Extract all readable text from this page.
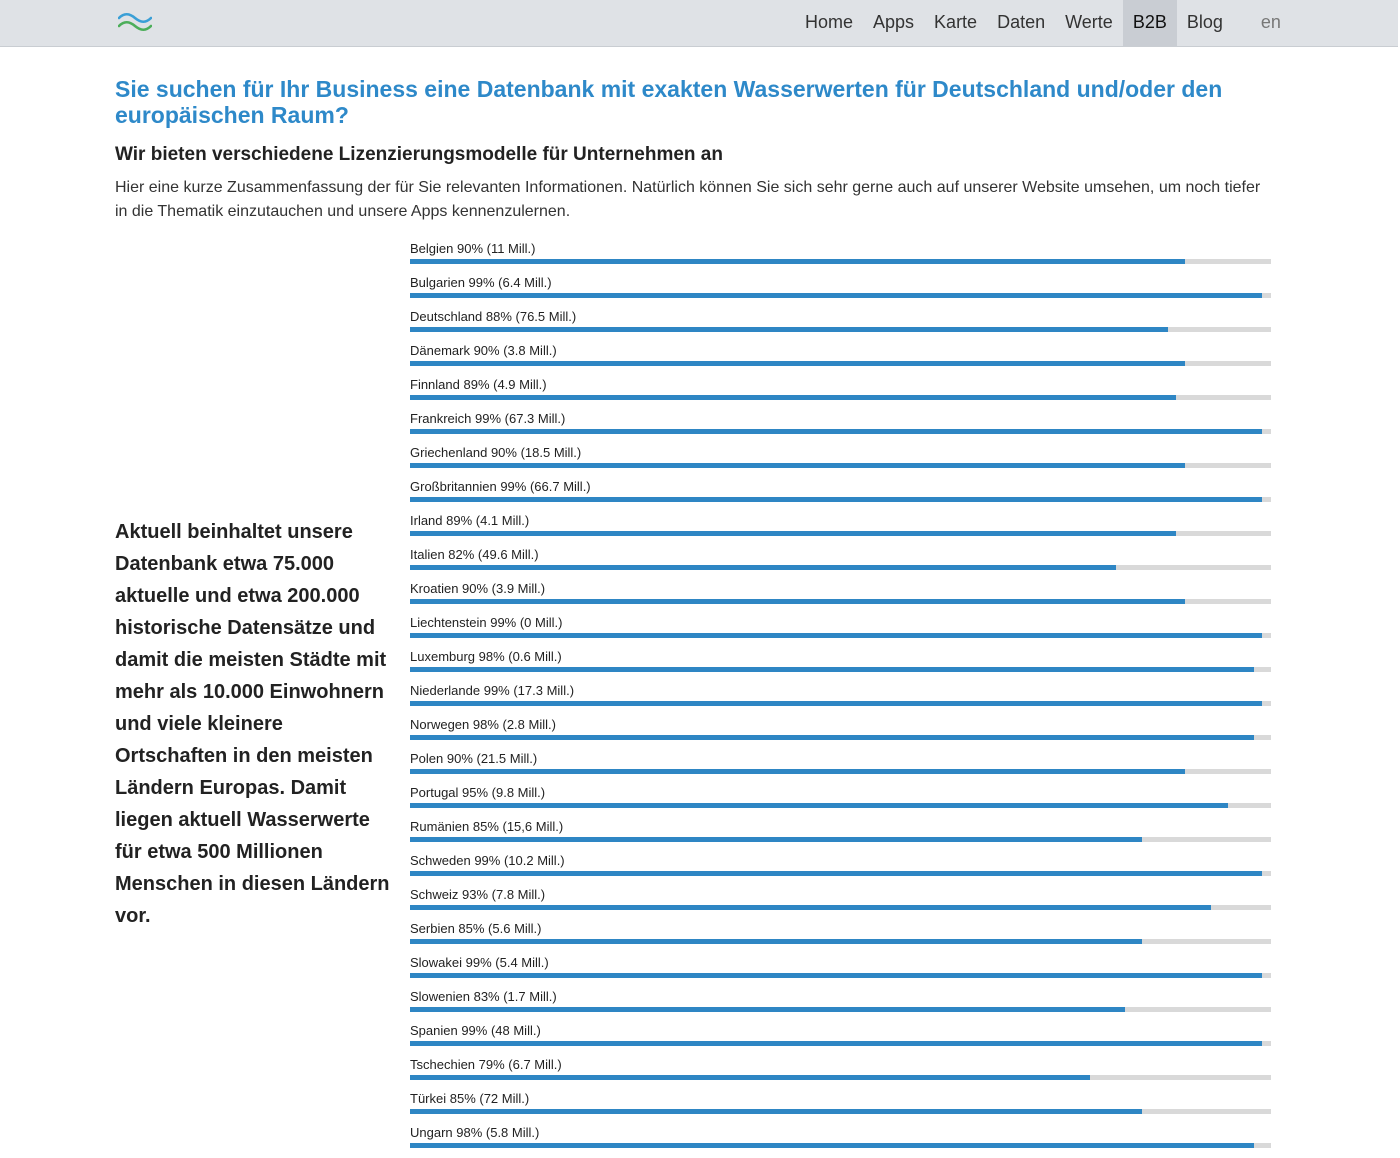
Home	Apps	Karte	Daten	Werte	B2B	Blog	en
Sie suchen für Ihr Business eine Datenbank mit exakten Wasserwerten für Deutschland und/oder den europäischen Raum?
Wir bieten verschiedene Lizenzierungsmodelle für Unternehmen an

Hier eine kurze Zusammenfassung der für Sie relevanten Informationen. Natürlich können Sie sich sehr gerne auch auf unserer Website umsehen, um noch tiefer in die Thematik einzutauchen und unsere Apps kennenzulernen.

Aktuell beinhaltet unsere Datenbank etwa 75.000 aktuelle und etwa 200.000 historische Datensätze und damit die meisten Städte mit mehr als 10.000 Einwohnern und viele kleinere Ortschaften in den meisten Ländern Europas. Damit liegen aktuell Wasserwerte für etwa 500 Millionen Menschen in diesen Ländern vor.

Belgien 90% (11 Mill.)
Bulgarien 99% (6.4 Mill.)
Deutschland 88% (76.5 Mill.)
Dänemark 90% (3.8 Mill.)
Finnland 89% (4.9 Mill.)
Frankreich 99% (67.3 Mill.)
Griechenland 90% (18.5 Mill.)
Großbritannien 99% (66.7 Mill.)
Irland 89% (4.1 Mill.)
Italien 82% (49.6 Mill.)
Kroatien 90% (3.9 Mill.)
Liechtenstein 99% (0 Mill.)
Luxemburg 98% (0.6 Mill.)
Niederlande 99% (17.3 Mill.)
Norwegen 98% (2.8 Mill.)
Polen 90% (21.5 Mill.)
Portugal 95% (9.8 Mill.)
Rumänien 85% (15,6 Mill.)
Schweden 99% (10.2 Mill.)
Schweiz 93% (7.8 Mill.)
Serbien 85% (5.6 Mill.)
Slowakei 99% (5.4 Mill.)
Slowenien 83% (1.7 Mill.)
Spanien 99% (48 Mill.)
Tschechien 79% (6.7 Mill.)
Türkei 85% (72 Mill.)
Ungarn 98% (5.8 Mill.)
